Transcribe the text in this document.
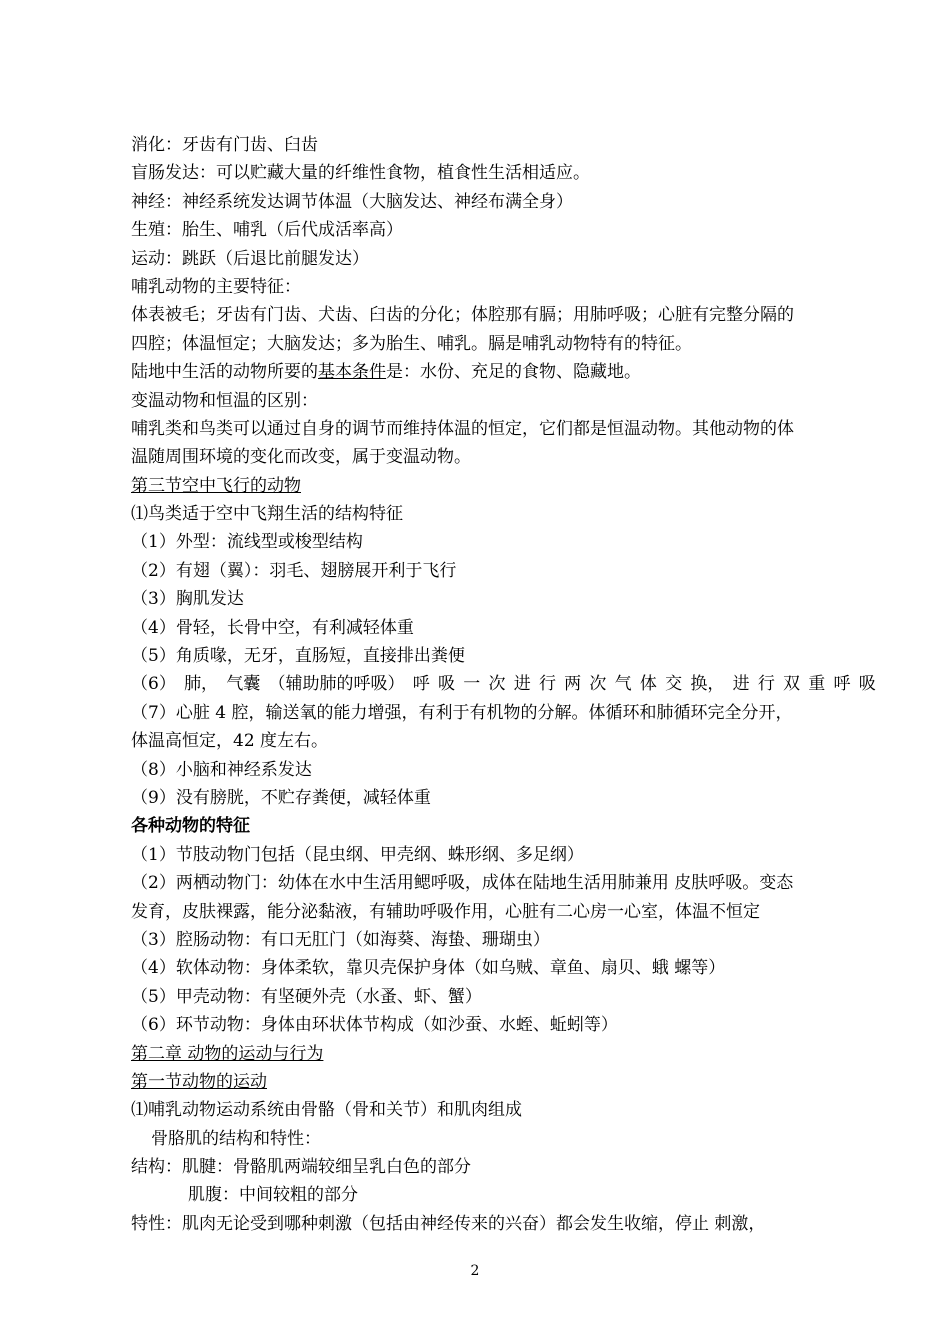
消化：牙齿有门齿、臼齿
盲肠发达：可以贮藏大量的纤维性食物，植食性生活相适应。
神经：神经系统发达调节体温（大脑发达、神经布满全身）
生殖：胎生、哺乳（后代成活率高）
运动：跳跃（后退比前腿发达）
哺乳动物的主要特征：
体表被毛；牙齿有门齿、犬齿、臼齿的分化；体腔那有膈；用肺呼吸；心脏有完整分隔的
四腔；体温恒定；大脑发达；多为胎生、哺乳。膈是哺乳动物特有的特征。
陆地中生活的动物所要的基本条件是：水份、充足的食物、隐藏地。
变温动物和恒温的区别：
哺乳类和鸟类可以通过自身的调节而维持体温的恒定，它们都是恒温动物。其他动物的体
温随周围环境的变化而改变，属于变温动物。
第三节空中飞行的动物
⑴鸟类适于空中飞翔生活的结构特征
（1）外型：流线型或梭型结构
（2）有翅（翼）：羽毛、翅膀展开利于飞行
（3）胸肌发达
（4）骨轻，长骨中空，有利减轻体重
（5）角质喙，无牙，直肠短，直接排出粪便
（6） 肺， 气囊 （辅助肺的呼吸） 呼 吸 一 次 进 行 两 次 气 体 交 换， 进 行 双 重 呼 吸
（7）心脏 4 腔，输送氧的能力增强，有利于有机物的分解。体循环和肺循环完全分开，
体温高恒定，42 度左右。
（8）小脑和神经系发达
（9）没有膀胱，不贮存粪便，减轻体重
各种动物的特征
（1）节肢动物门包括（昆虫纲、甲壳纲、蛛形纲、多足纲）
（2）两栖动物门：幼体在水中生活用鳃呼吸，成体在陆地生活用肺兼用 皮肤呼吸。变态
发育，皮肤裸露，能分泌黏液，有辅助呼吸作用，心脏有二心房一心室，体温不恒定
（3）腔肠动物：有口无肛门（如海葵、海蛰、珊瑚虫）
（4）软体动物：身体柔软，靠贝壳保护身体（如乌贼、章鱼、扇贝、蛾 螺等）
（5）甲壳动物：有坚硬外壳（水蚤、虾、蟹）
（6）环节动物：身体由环状体节构成（如沙蚕、水蛭、蚯蚓等）
第二章 动物的运动与行为
第一节动物的运动
⑴哺乳动物运动系统由骨骼（骨和关节）和肌肉组成
骨胳肌的结构和特性：
结构：肌腱：骨骼肌两端较细呈乳白色的部分
肌腹：中间较粗的部分
特性：肌肉无论受到哪种刺激（包括由神经传来的兴奋）都会发生收缩，停止 刺激，
2
